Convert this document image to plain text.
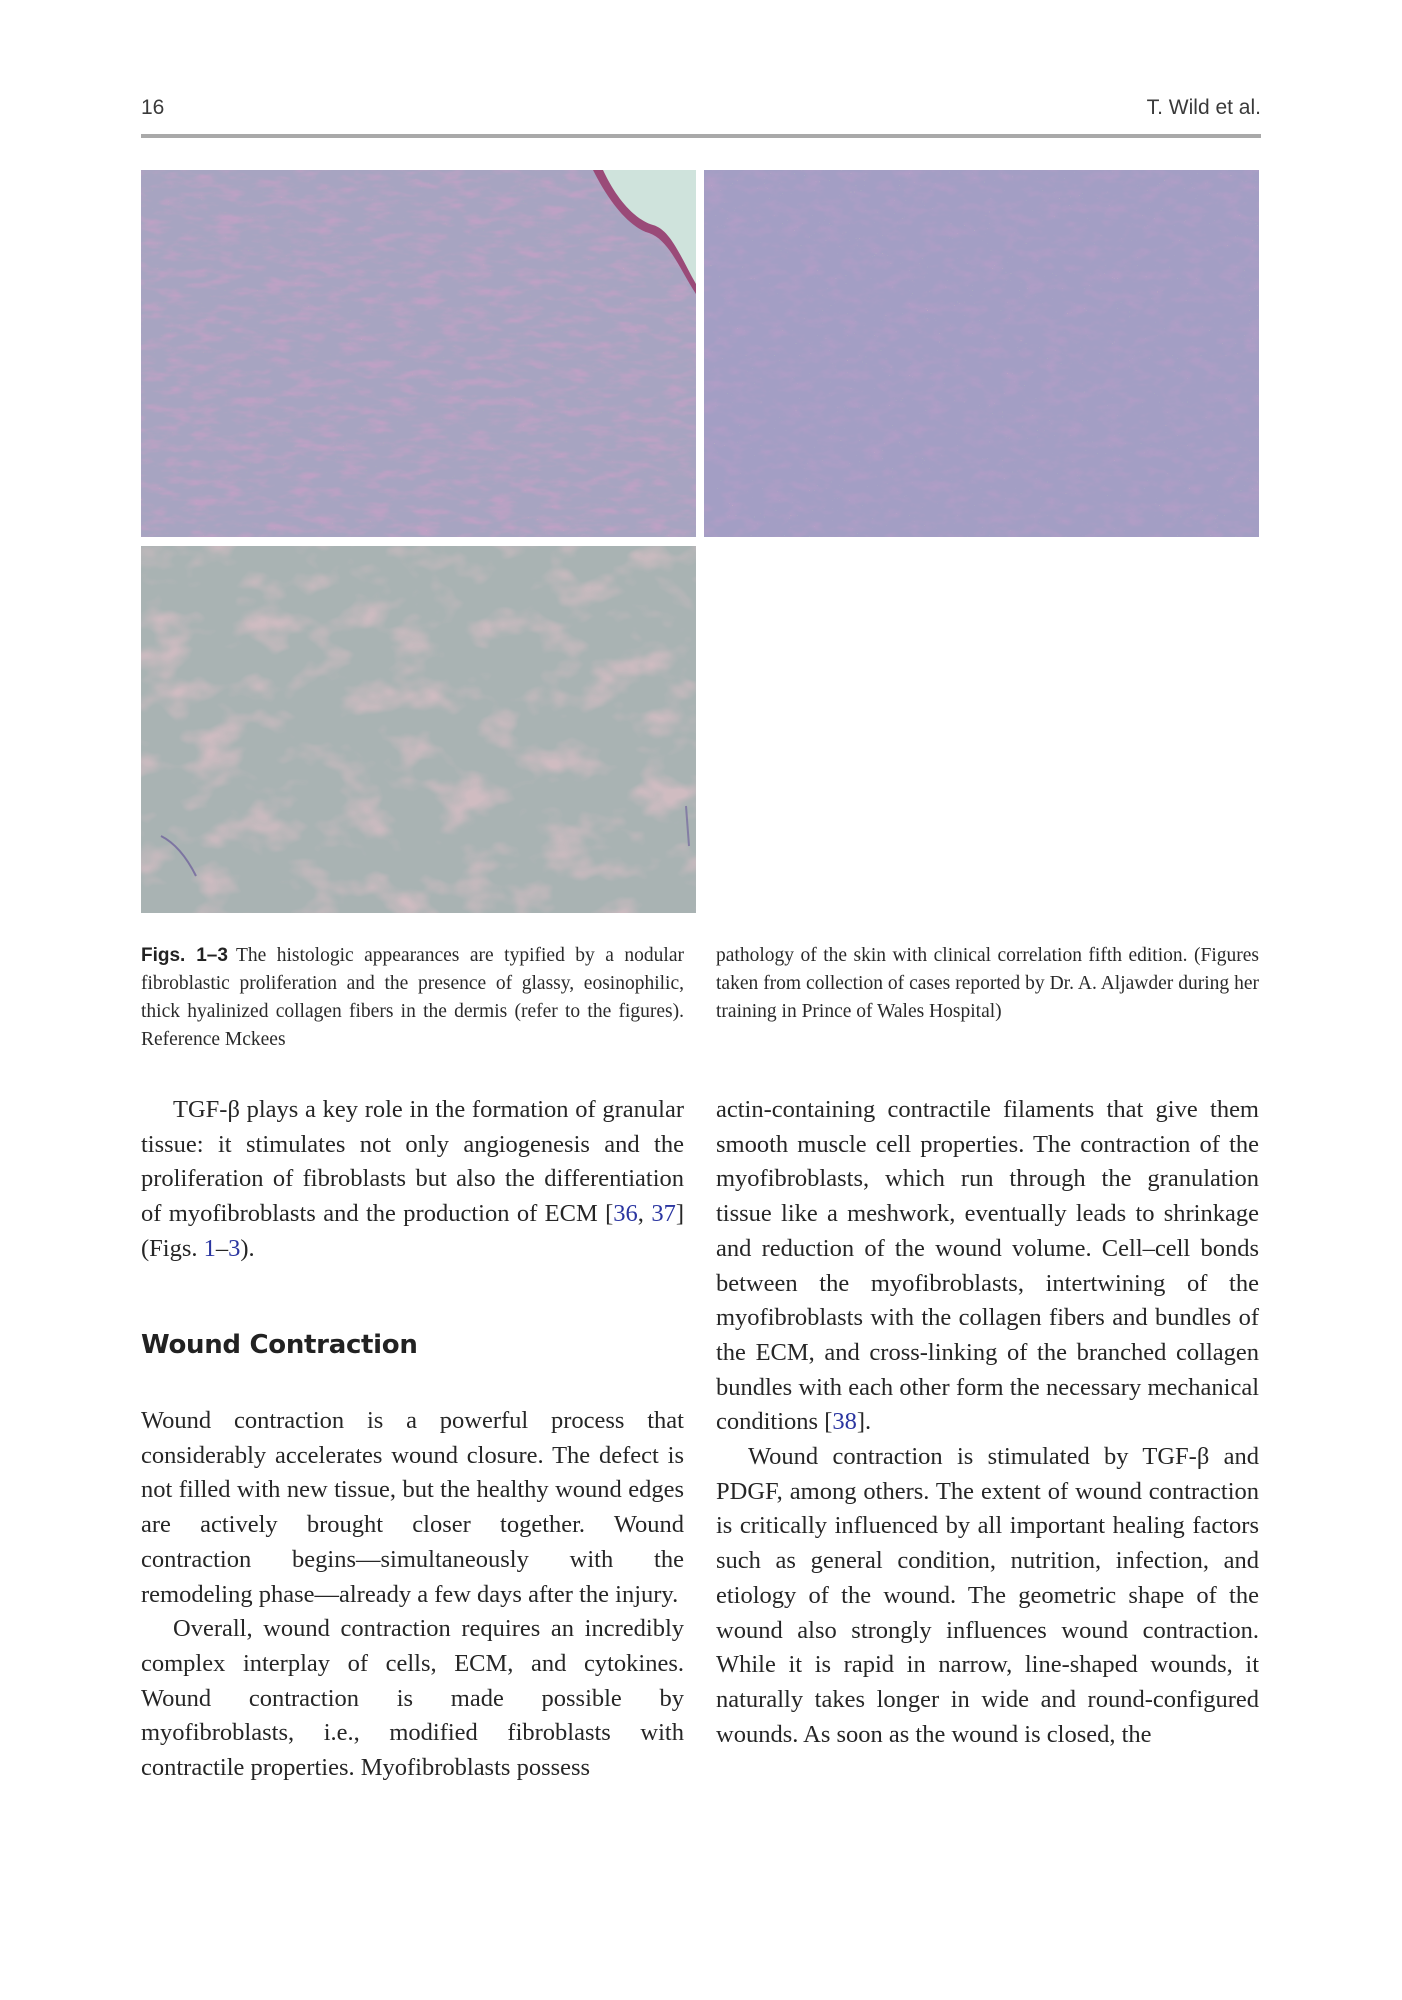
16	T. Wild et al.
Figs. 1–3 The histologic appearances are typified by a nodular fibroblastic proliferation and the presence of glassy, eosinophilic, thick hyalinized collagen fibers in the dermis (refer to the figures). Reference Mckees
pathology of the skin with clinical correlation fifth edition. (Figures taken from collection of cases reported by Dr. A. Aljawder during her training in Prince of Wales Hospital)

TGF-β plays a key role in the formation of granular tissue: it stimulates not only angiogenesis and the proliferation of fibroblasts but also the differentiation of myofibroblasts and the production of ECM [36, 37] (Figs. 1–3).

Wound Contraction

Wound contraction is a powerful process that considerably accelerates wound closure. The defect is not filled with new tissue, but the healthy wound edges are actively brought closer together. Wound contraction begins—simultaneously with the remodeling phase—already a few days after the injury.

Overall, wound contraction requires an incredibly complex interplay of cells, ECM, and cytokines. Wound contraction is made possible by myofibroblasts, i.e., modified fibroblasts with contractile properties. Myofibroblasts possess

actin-containing contractile filaments that give them smooth muscle cell properties. The contraction of the myofibroblasts, which run through the granulation tissue like a meshwork, eventually leads to shrinkage and reduction of the wound volume. Cell–cell bonds between the myofibroblasts, intertwining of the myofibroblasts with the collagen fibers and bundles of the ECM, and cross-linking of the branched collagen bundles with each other form the necessary mechanical conditions [38].

Wound contraction is stimulated by TGF-β and PDGF, among others. The extent of wound contraction is critically influenced by all important healing factors such as general condition, nutrition, infection, and etiology of the wound. The geometric shape of the wound also strongly influences wound contraction. While it is rapid in narrow, line-shaped wounds, it naturally takes longer in wide and round-configured wounds. As soon as the wound is closed, the
